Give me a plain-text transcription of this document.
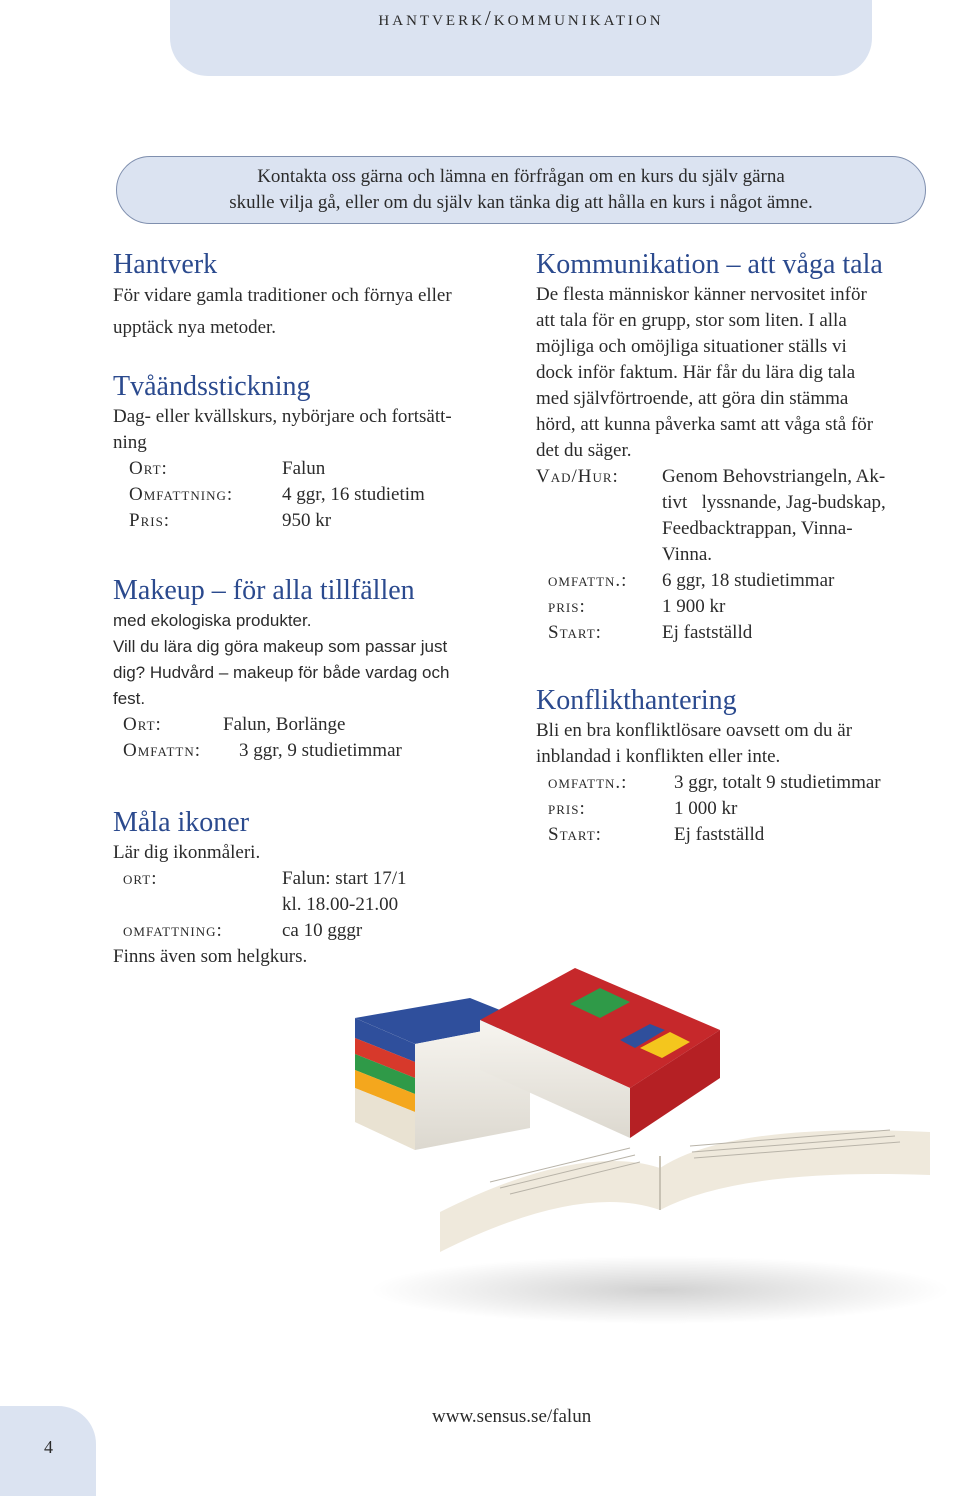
hantverk/kommunikation

Kontakta oss gärna och lämna en förfrågan om en kurs du själv gärna
skulle vilja gå, eller om du själv kan tänka dig att hålla en kurs i något ämne.

Hantverk

För vidare gamla traditioner och förnya eller
upptäck nya metoder.

Tvåändsstickning

Dag- eller kvällskurs, nybörjare och fortsätt-
ning

Ort:	Falun
Omfattning:	4 ggr, 16 studietim
Pris:	950 kr
Makeup – för alla tillfällen

med ekologiska produkter.
Vill du lära dig göra makeup som passar just
dig? Hudvård – makeup för både vardag och
fest.

Ort:	Falun, Borlänge
Omfattn:	3 ggr, 9 studietimmar
Måla ikoner

Lär dig ikonmåleri.

ort:	Falun: start 17/1
	kl. 18.00-21.00
omfattning:	ca 10 gggr

Finns även som helgkurs.

Kommunikation – att våga tala

De flesta människor känner nervositet inför
att tala för en grupp, stor som liten. I alla
möjliga och omöjliga situationer ställs vi
dock inför faktum. Här får du lära dig tala
med självförtroende, att göra din stämma
hörd, att kunna påverka samt att våga stå för
det du säger.

Vad/Hur:	Genom Behovstriangeln, Ak-
	tivt   lyssnande, Jag-budskap,
	Feedbacktrappan, Vinna-
	Vinna.
omfattn.:	6 ggr, 18 studietimmar
pris:	1 900 kr
Start:	Ej fastställd
Konflikthantering

Bli en bra konfliktlösare oavsett om du är
inblandad i konflikten eller inte.

omfattn.:	3 ggr, totalt 9 studietimmar
pris:	1 000 kr
Start:	Ej fastställd
www.sensus.se/falun
4
